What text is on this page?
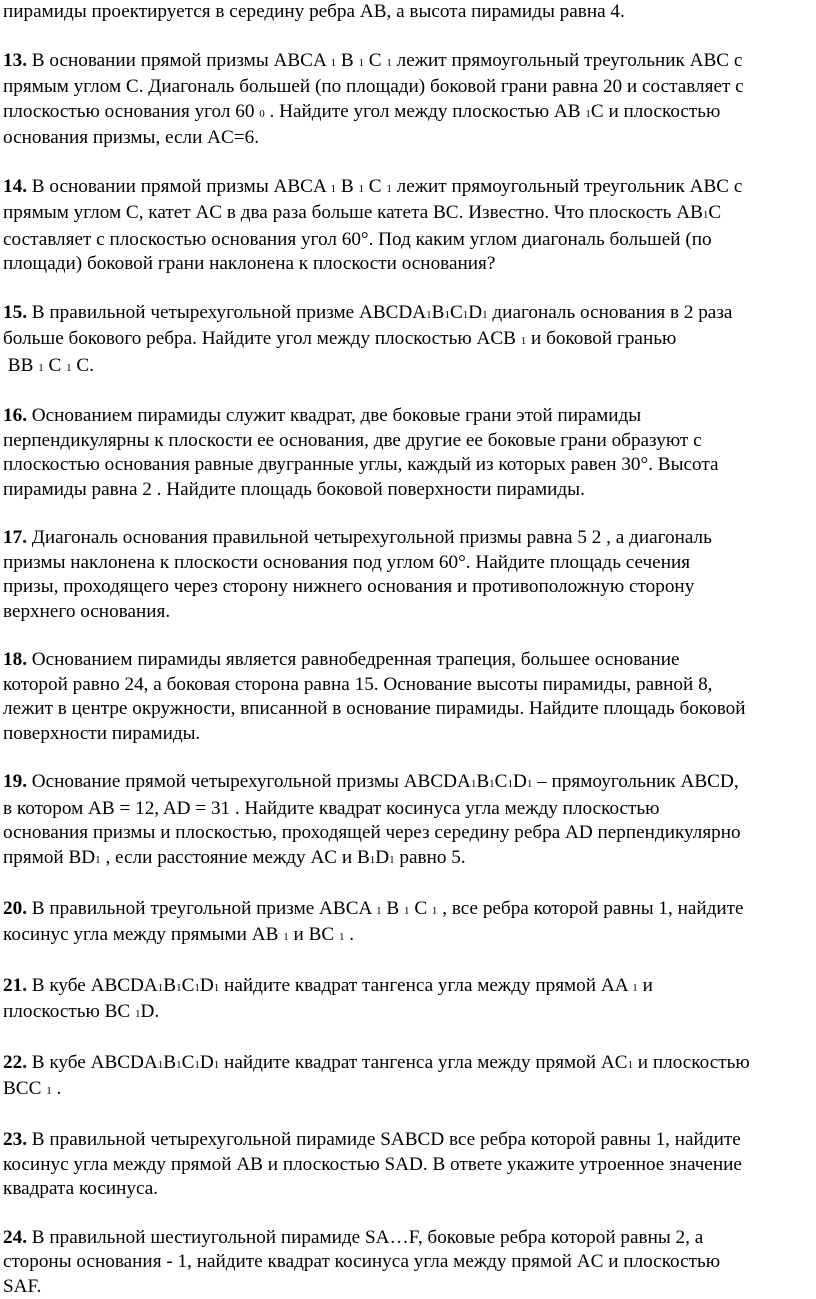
пирамиды проектируется в середину ребра AB, а высота пирамиды равна 4.

13. В основании прямой призмы ABCA 1 B 1 C 1 лежит прямоугольный треугольник ABC с

прямым углом C. Диагональ большей (по площади) боковой грани равна 20 и составляет с

плоскостью основания угол 60 0 . Найдите угол между плоскостью AB 1C и плоскостью

основания призмы, если AC=6.

14. В основании прямой призмы ABCA 1 B 1 C 1 лежит прямоугольный треугольник ABC с

прямым углом C, катет AC в два раза больше катета BC. Известно. Что плоскость AB1C

составляет с плоскостью основания угол 60°. Под каким углом диагональ большей (по

площади) боковой грани наклонена к плоскости основания?

15. В правильной четырехугольной призме ABCDA1B1C1D1 диагональ основания в 2 раза

больше бокового ребра. Найдите угол между плоскостью ACB 1 и боковой гранью

BB 1 C 1 C.

16. Основанием пирамиды служит квадрат, две боковые грани этой пирамиды

перпендикулярны к плоскости ее основания, две другие ее боковые грани образуют с

плоскостью основания равные двугранные углы, каждый из которых равен 30°. Высота

пирамиды равна 2 . Найдите площадь боковой поверхности пирамиды.

17. Диагональ основания правильной четырехугольной призмы равна 5 2 , а диагональ

призмы наклонена к плоскости основания под углом 60°. Найдите площадь сечения

призы, проходящего через сторону нижнего основания и противоположную сторону

верхнего основания.

18. Основанием пирамиды является равнобедренная трапеция, большее основание

которой равно 24, а боковая сторона равна 15. Основание высоты пирамиды, равной 8,

лежит в центре окружности, вписанной в основание пирамиды. Найдите площадь боковой

поверхности пирамиды.

19. Основание прямой четырехугольной призмы ABCDA1B1C1D1 – прямоугольник ABCD,

в котором AB = 12, AD = 31 . Найдите квадрат косинуса угла между плоскостью

основания призмы и плоскостью, проходящей через середину ребра AD перпендикулярно

прямой BD1 , если расстояние между AC и B1D1 равно 5.

20. В правильной треугольной призме ABCA 1 B 1 C 1 , все ребра которой равны 1, найдите

косинус угла между прямыми AB 1 и BC 1 .

21. В кубе ABCDA1B1C1D1 найдите квадрат тангенса угла между прямой AA 1 и

плоскостью BC 1D.

22. В кубе ABCDA1B1C1D1 найдите квадрат тангенса угла между прямой AC1 и плоскостью

BCC 1 .

23. В правильной четырехугольной пирамиде SABCD все ребра которой равны 1, найдите

косинус угла между прямой AB и плоскостью SAD. В ответе укажите утроенное значение

квадрата косинуса.

24. В правильной шестиугольной пирамиде SA…F, боковые ребра которой равны 2, а

стороны основания - 1, найдите квадрат косинуса угла между прямой AC и плоскостью

SAF.
